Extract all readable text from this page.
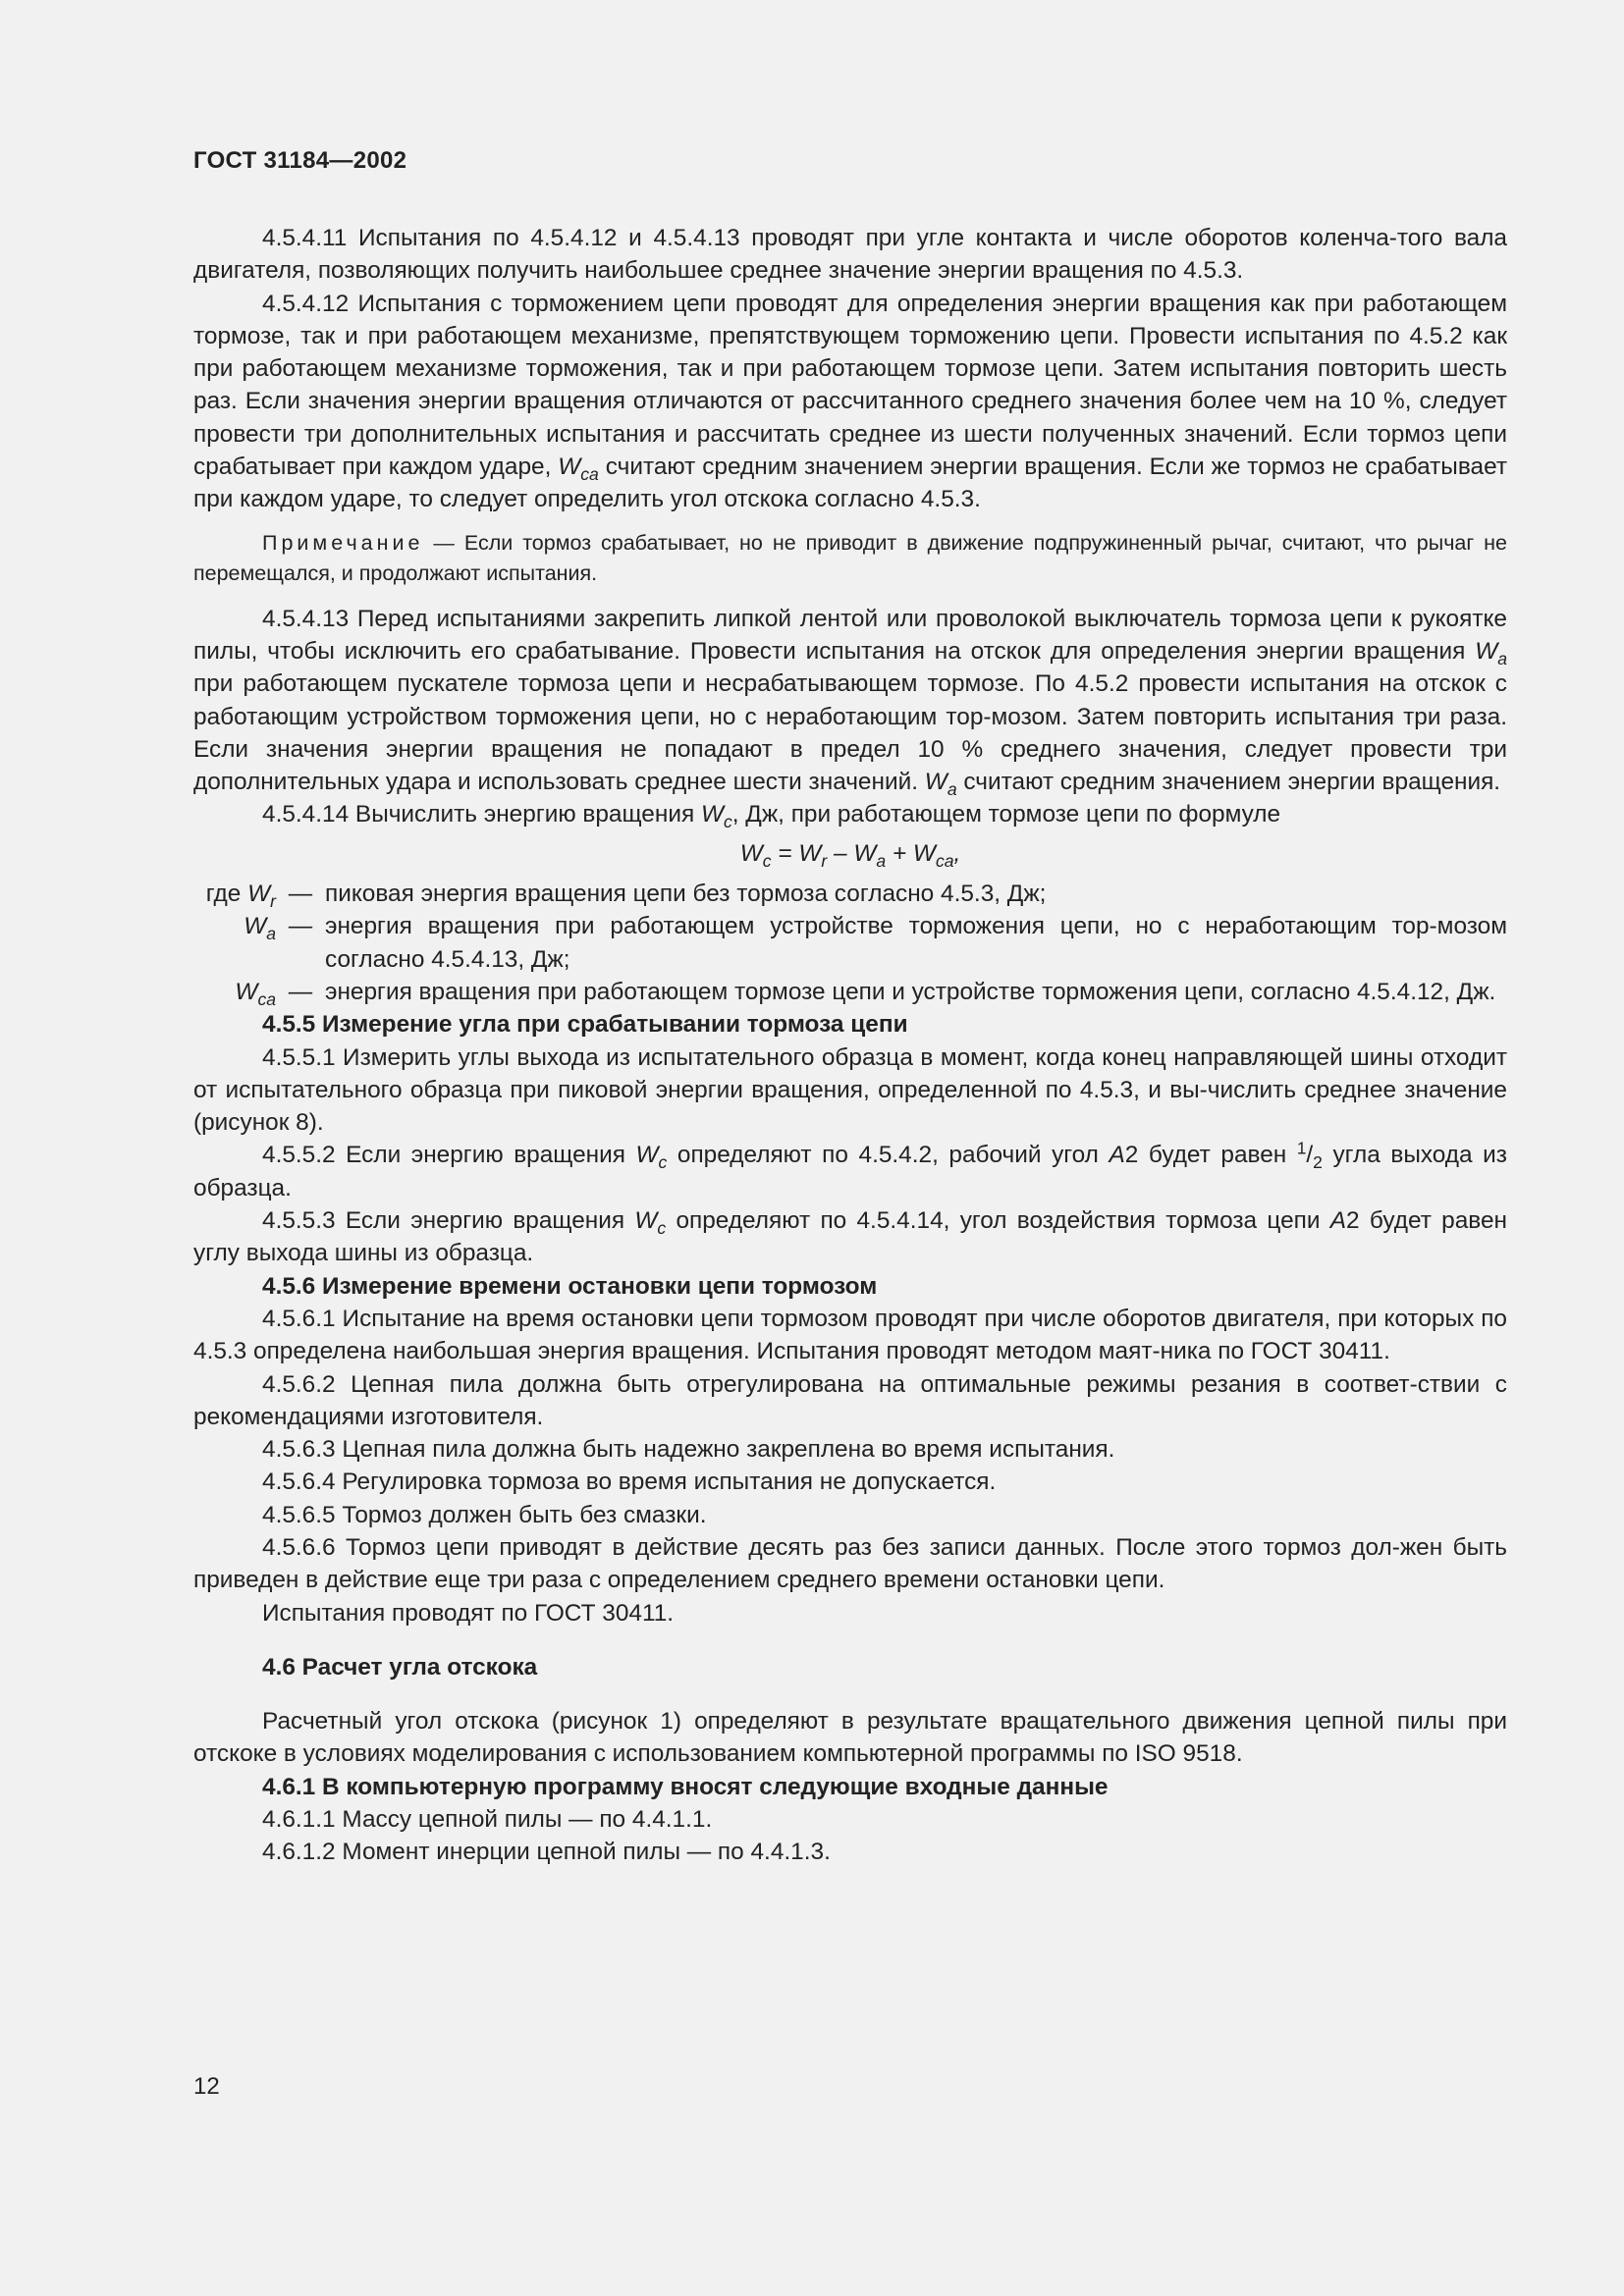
ГОСТ 31184—2002

4.5.4.11 Испытания по 4.5.4.12 и 4.5.4.13 проводят при угле контакта и числе оборотов коленча-того вала двигателя, позволяющих получить наибольшее среднее значение энергии вращения по 4.5.3.

4.5.4.12 Испытания с торможением цепи проводят для определения энергии вращения как при работающем тормозе, так и при работающем механизме, препятствующем торможению цепи. Провести испытания по 4.5.2 как при работающем механизме торможения, так и при работающем тормозе цепи. Затем испытания повторить шесть раз. Если значения энергии вращения отличаются от рассчитанного среднего значения более чем на 10 %, следует провести три дополнительных испытания и рассчитать среднее из шести полученных значений. Если тормоз цепи срабатывает при каждом ударе, $W_{ca}$ считают средним значением энергии вращения. Если же тормоз не срабатывает при каждом ударе, то следует определить угол отскока согласно 4.5.3.

Примечание — Если тормоз срабатывает, но не приводит в движение подпружиненный рычаг, считают, что рычаг не перемещался, и продолжают испытания.

4.5.4.13 Перед испытаниями закрепить липкой лентой или проволокой выключатель тормоза цепи к рукоятке пилы, чтобы исключить его срабатывание. Провести испытания на отскок для определения энергии вращения $W_a$ при работающем пускателе тормоза цепи и несрабатывающем тормозе. По 4.5.2 провести испытания на отскок с работающим устройством торможения цепи, но с неработающим тор-мозом. Затем повторить испытания три раза. Если значения энергии вращения не попадают в предел 10 % среднего значения, следует провести три дополнительных удара и использовать среднее шести значений. $W_a$ считают средним значением энергии вращения.

4.5.4.14 Вычислить энергию вращения $W_c$, Дж, при работающем тормозе цепи по формуле

$W_c = W_r - W_a + W_{ca}$,
где $W_r$	—	пиковая энергия вращения цепи без тормоза согласно 4.5.3, Дж;
$W_a$	—	энергия вращения при работающем устройстве торможения цепи, но с неработающим тор-мозом согласно 4.5.4.13, Дж;
$W_{ca}$	—	энергия вращения при работающем тормозе цепи и устройстве торможения цепи, согласно 4.5.4.12, Дж.

4.5.5 Измерение угла при срабатывании тормоза цепи

4.5.5.1 Измерить углы выхода из испытательного образца в момент, когда конец направляющей шины отходит от испытательного образца при пиковой энергии вращения, определенной по 4.5.3, и вы-числить среднее значение (рисунок 8).

4.5.5.2 Если энергию вращения $W_c$ определяют по 4.5.4.2, рабочий угол A2 будет равен $^1/_2$ угла выхода из образца.

4.5.5.3 Если энергию вращения $W_c$ определяют по 4.5.4.14, угол воздействия тормоза цепи A2 будет равен углу выхода шины из образца.

4.5.6 Измерение времени остановки цепи тормозом

4.5.6.1 Испытание на время остановки цепи тормозом проводят при числе оборотов двигателя, при которых по 4.5.3 определена наибольшая энергия вращения. Испытания проводят методом маят-ника по ГОСТ 30411.

4.5.6.2 Цепная пила должна быть отрегулирована на оптимальные режимы резания в соответ-ствии с рекомендациями изготовителя.

4.5.6.3 Цепная пила должна быть надежно закреплена во время испытания.

4.5.6.4 Регулировка тормоза во время испытания не допускается.

4.5.6.5 Тормоз должен быть без смазки.

4.5.6.6 Тормоз цепи приводят в действие десять раз без записи данных. После этого тормоз дол-жен быть приведен в действие еще три раза с определением среднего времени остановки цепи.

Испытания проводят по ГОСТ 30411.

4.6 Расчет угла отскока

Расчетный угол отскока (рисунок 1) определяют в результате вращательного движения цепной пилы при отскоке в условиях моделирования с использованием компьютерной программы по ISO 9518.

4.6.1 В компьютерную программу вносят следующие входные данные

4.6.1.1 Массу цепной пилы — по 4.4.1.1.

4.6.1.2 Момент инерции цепной пилы — по 4.4.1.3.

12
